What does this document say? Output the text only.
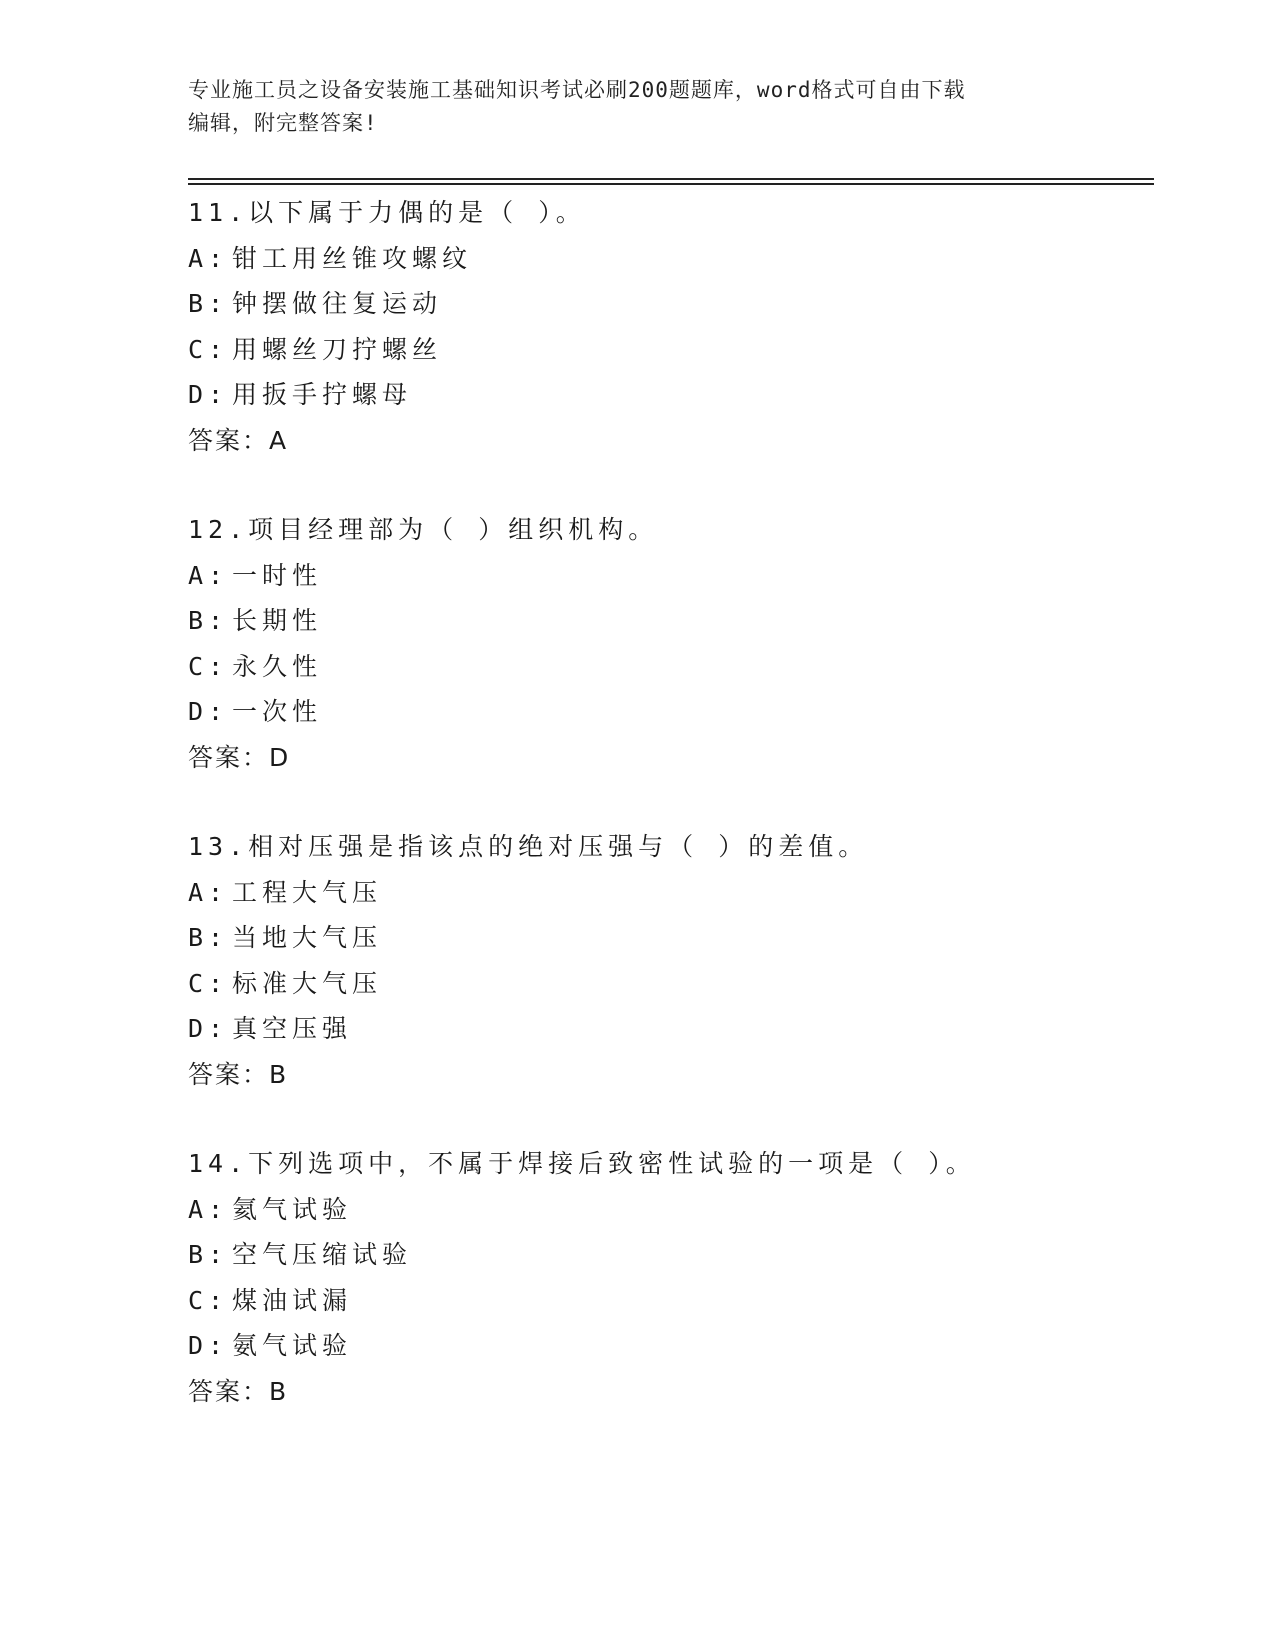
专业施工员之设备安装施工基础知识考试必刷200题题库，word格式可自由下载
编辑，附完整答案!
11.以下属于力偶的是（ ）。
A: 钳工用丝锥攻螺纹
B: 钟摆做往复运动
C: 用螺丝刀拧螺丝
D: 用扳手拧螺母
答案：A
12.项目经理部为（ ）组织机构。
A: 一时性
B: 长期性
C: 永久性
D: 一次性
答案：D
13.相对压强是指该点的绝对压强与（ ）的差值。
A: 工程大气压
B: 当地大气压
C: 标准大气压
D: 真空压强
答案：B
14.下列选项中，不属于焊接后致密性试验的一项是（ ）。
A: 氦气试验
B: 空气压缩试验
C: 煤油试漏
D: 氨气试验
答案：B
